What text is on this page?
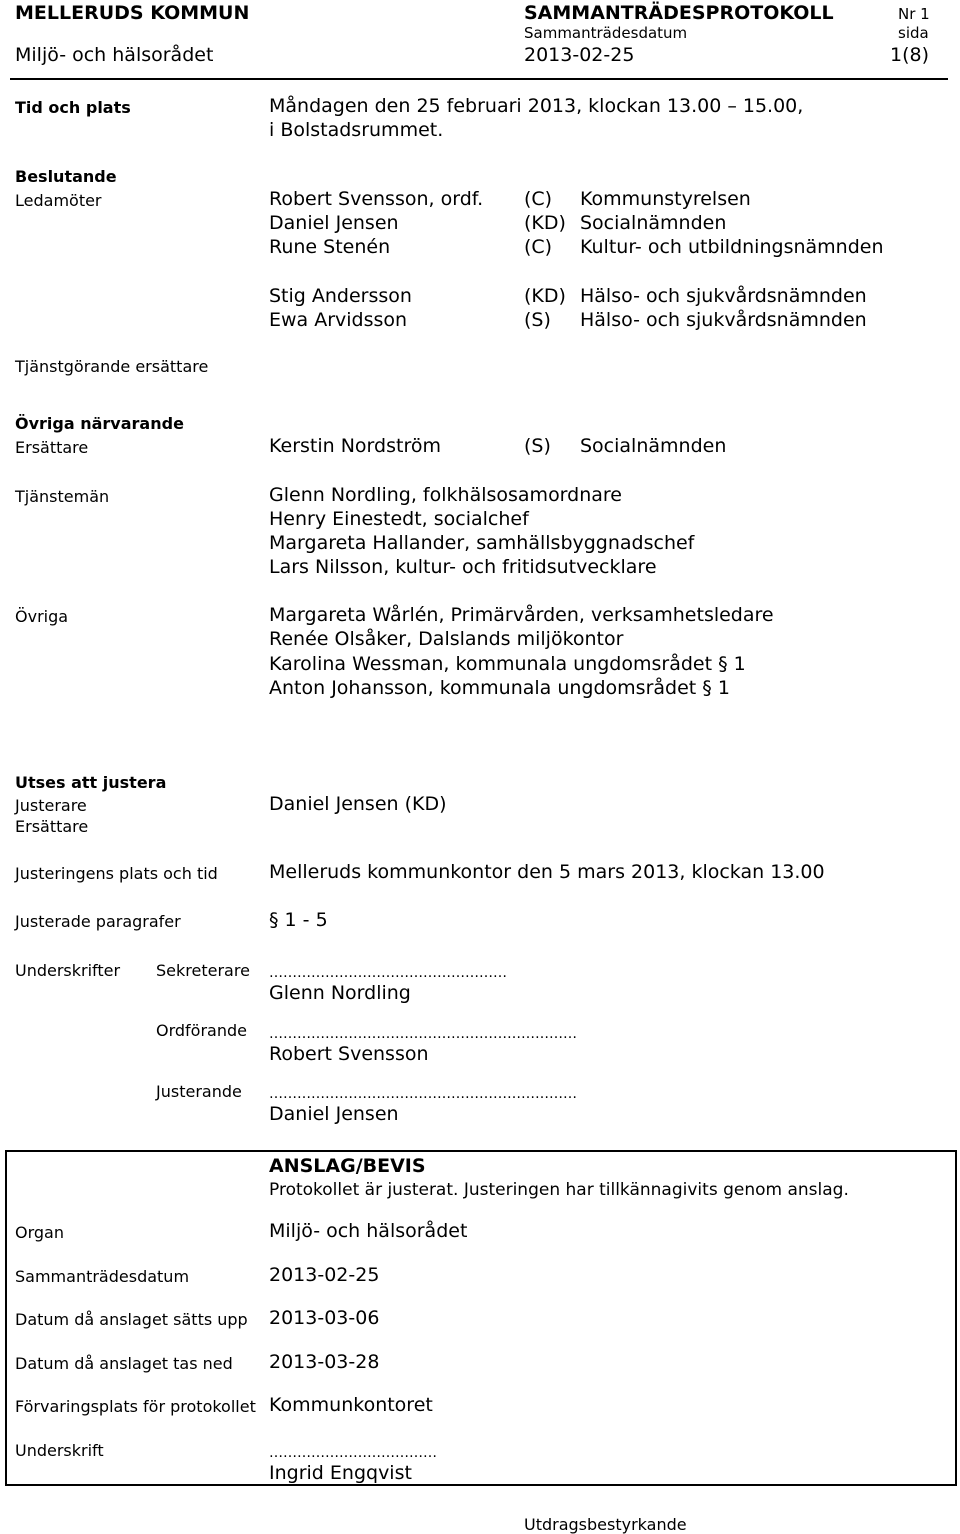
MELLERUDS KOMMUN	SAMMANTRÄDESPROTOKOLL	Nr 1
Miljö- och hälsorådet
Sammanträdesdatum
2013-02-25
sida
1(8)
Tid och plats	Måndagen den 25 februari 2013, klockan 13.00 – 15.00,
i Bolstadsrummet.
Beslutande
Ledamöter	Robert Svensson, ordf. (C) Kommunstyrelsen
Daniel Jensen	(KD) Socialnämnden
Rune Stenén	(C) Kultur- och utbildningsnämnden
Stig Andersson	(KD) Hälso- och sjukvårdsnämnden
Ewa Arvidsson	(S) Hälso- och sjukvårdsnämnden
Tjänstgörande ersättare
Övriga närvarande
Ersättare	Kerstin Nordström	(S) Socialnämnden
Tjänstemän	Glenn Nordling, folkhälsosamordnare
Henry Einestedt, socialchef
Margareta Hallander, samhällsbyggnadschef
Lars Nilsson, kultur- och fritidsutvecklare
Övriga	Margareta Wårlén, Primärvården, verksamhetsledare
Renée Olsåker, Dalslands miljökontor
Karolina Wessman, kommunala ungdomsrådet § 1
Anton Johansson, kommunala ungdomsrådet § 1
Utses att justera
Justerare
Ersättare
Daniel Jensen (KD)
Justeringens plats och tid	Melleruds kommunkontor den 5 mars 2013, klockan 13.00
Justerade paragrafer	§ 1 - 5
Underskrifter Sekreterare ……………………………………………
Glenn Nordling
Ordförande …………………………………………………………
Robert Svensson
Justerande …………………………………………………………
Daniel Jensen
ANSLAG/BEVIS
Protokollet är justerat. Justeringen har tillkännagivits genom anslag.
Organ	Miljö- och hälsorådet
Sammanträdesdatum	2013-02-25
Datum då anslaget sätts upp 2013-03-06
Datum då anslaget tas ned 2013-03-28
Förvaringsplats för protokollet Kommunkontoret
Underskrift	………………………………
Ingrid Engqvist
Utdragsbestyrkande
